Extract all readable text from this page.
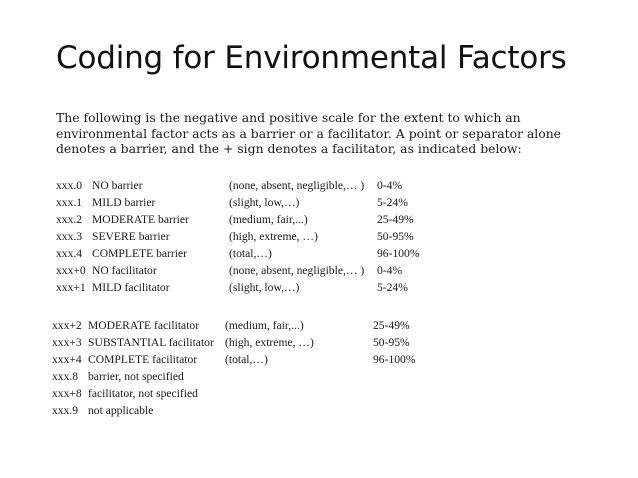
Coding for Environmental Factors

The following is the negative and positive scale for the extent to which an environmental factor acts as a barrier or a facilitator. A point or separator alone denotes a barrier, and the + sign denotes a facilitator, as indicated below:

xxx.0	NO barrier	(none, absent, negligible,… )	0-4%
xxx.1	MILD barrier	(slight, low,…)	5-24%
xxx.2	MODERATE barrier	(medium, fair,...)	25-49%
xxx.3	SEVERE barrier	(high, extreme, …)	50-95%
xxx.4	COMPLETE barrier	(total,…)	96-100%
xxx+0	NO facilitator	(none, absent, negligible,… )	0-4%
xxx+1	MILD facilitator	(slight, low,…)	5-24%
xxx+2	MODERATE facilitator	(medium, fair,...)	25-49%
xxx+3	SUBSTANTIAL facilitator	(high, extreme, …)	50-95%
xxx+4	COMPLETE facilitator	(total,…)	96-100%
xxx.8	barrier, not specified		
xxx+8	facilitator, not specified		
xxx.9	not applicable		
